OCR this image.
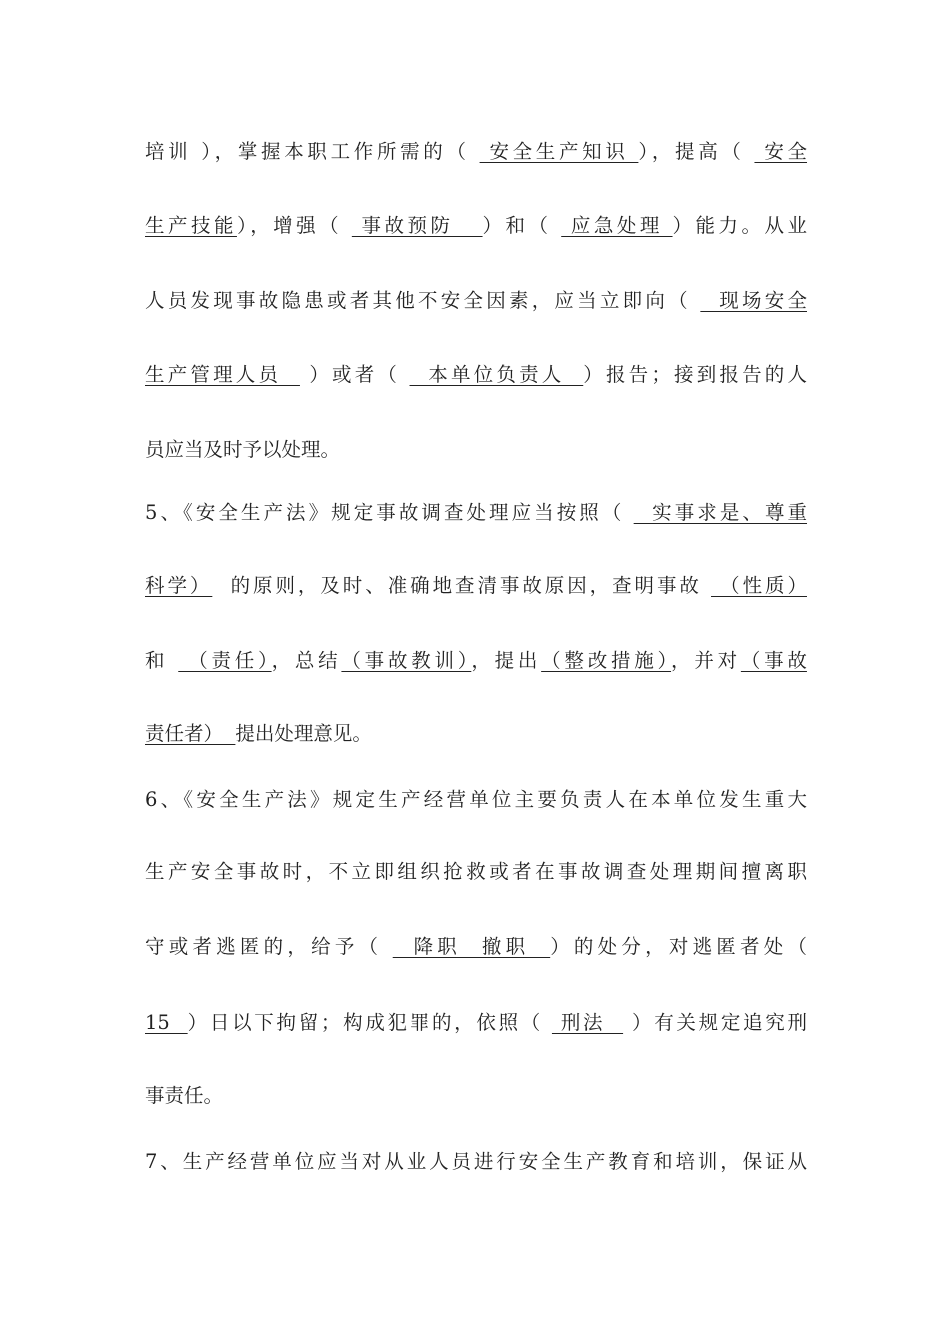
培训 ），掌握本职工作所需的（  安全生产知识 ），提高（  安全
生产技能），增强（  事故预防   ）和（  应急处理 ）能力。从业
人员发现事故隐患或者其他不安全因素，应当立即向（   现场安全
生产管理人员   ）或者（   本单位负责人  ）报告；接到报告的人
员应当及时予以处理。
5、《安全生产法》规定事故调查处理应当按照（   实事求是、尊重
科学）  的原则，及时、准确地查清事故原因，查明事故  （性质）
和  （责任），总结（事故教训），提出（整改措施），并对（事故
责任者）  提出处理意见。
6、《安全生产法》规定生产经营单位主要负责人在本单位发生重大
生产安全事故时，不立即组织抢救或者在事故调查处理期间擅离职
守或者逃匿的，给予（   降职  撤职  ）的处分，对逃匿者处（
15  ）日以下拘留；构成犯罪的，依照（  刑法   ）有关规定追究刑
事责任。
7、生产经营单位应当对从业人员进行安全生产教育和培训，保证从
